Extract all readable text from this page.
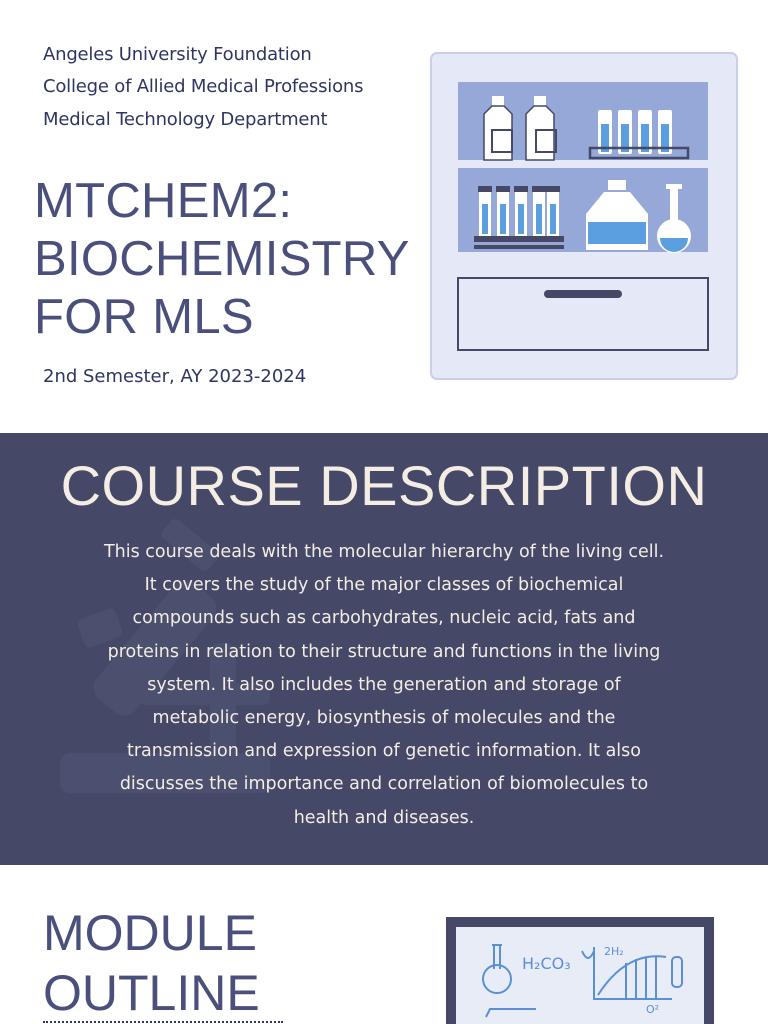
Angeles University Foundation
College of Allied Medical Professions
Medical Technology Department
MTCHEM2:
BIOCHEMISTRY
FOR MLS
2nd Semester, AY 2023-2024
COURSE DESCRIPTION
This course deals with the molecular hierarchy of the living cell.
It covers the study of the major classes of biochemical
compounds such as carbohydrates, nucleic acid, fats and
proteins in relation to their structure and functions in the living
system. It also includes the generation and storage of
metabolic energy, biosynthesis of molecules and the
transmission and expression of genetic information. It also
discusses the importance and correlation of biomolecules to
health and diseases.
MODULE
OUTLINE
H₂CO₃
2H₂
O²
